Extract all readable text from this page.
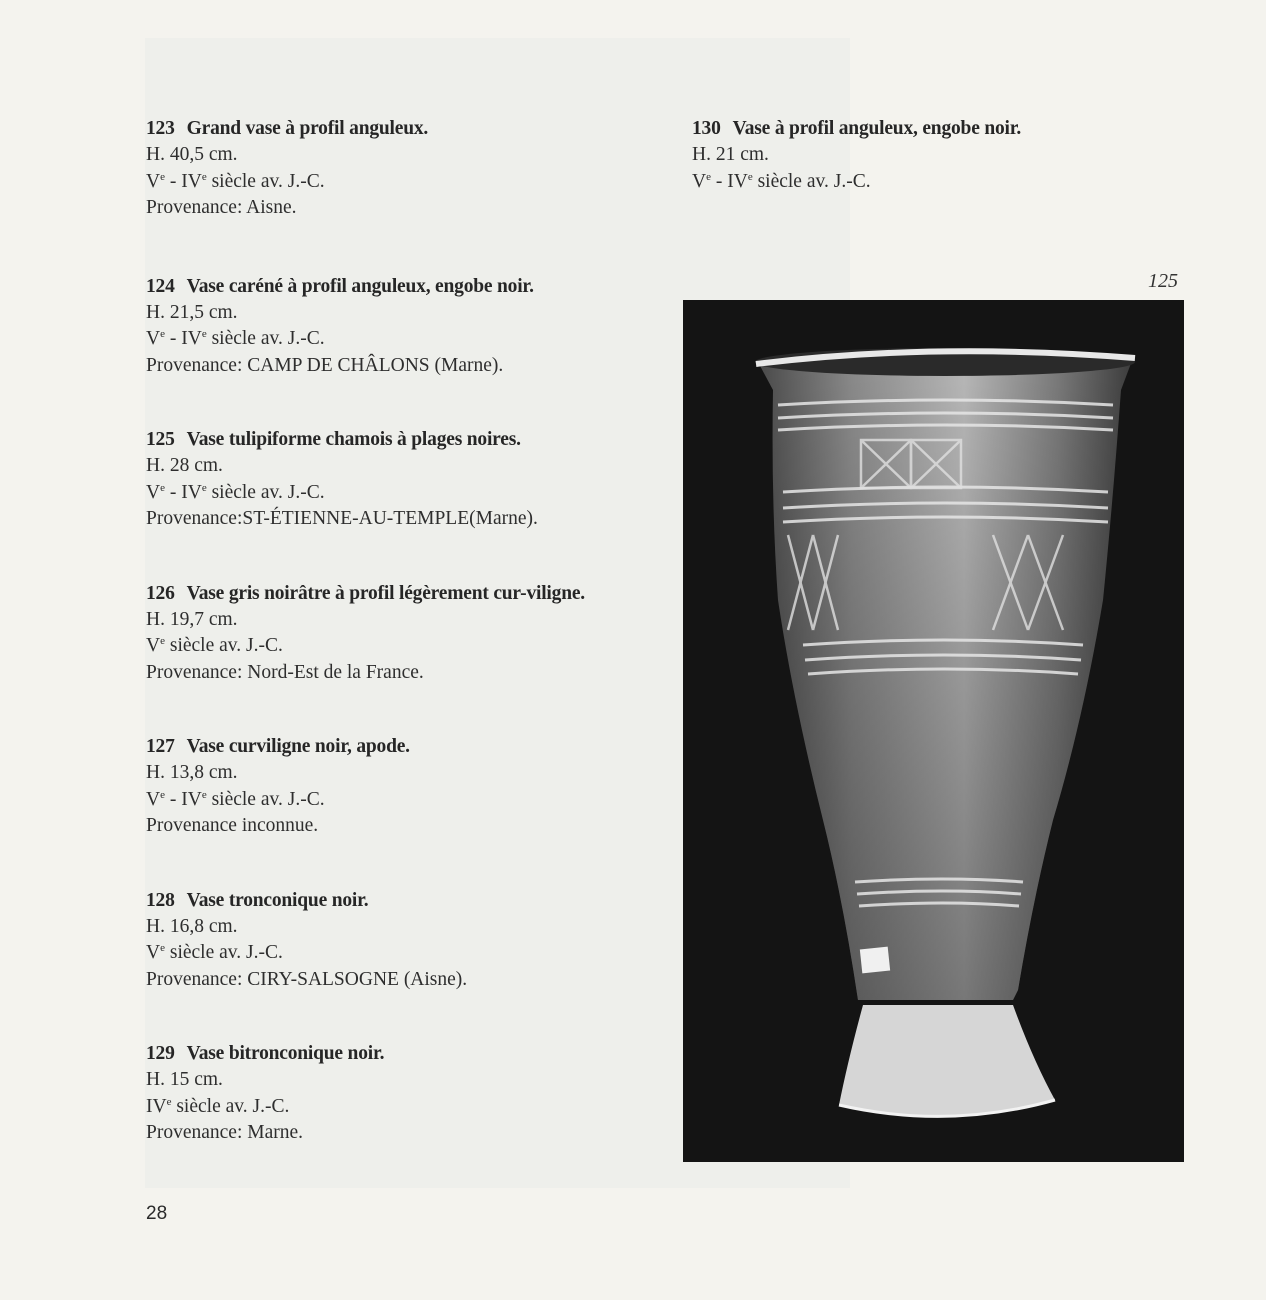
123 Grand vase à profil anguleux.
H. 40,5 cm.
Ve - IVe siècle av. J.-C.
Provenance: Aisne.
124 Vase caréné à profil anguleux, engobe noir.
H. 21,5 cm.
Ve - IVe siècle av. J.-C.
Provenance: CAMP DE CHÂLONS (Marne).
125 Vase tulipiforme chamois à plages noires.
H. 28 cm.
Ve - IVe siècle av. J.-C.
Provenance:ST-ÉTIENNE-AU-TEMPLE(Marne).
126 Vase gris noirâtre à profil légèrement cur-viligne.
H. 19,7 cm.
Ve siècle av. J.-C.
Provenance: Nord-Est de la France.
127 Vase curviligne noir, apode.
H. 13,8 cm.
Ve - IVe siècle av. J.-C.
Provenance inconnue.
128 Vase tronconique noir.
H. 16,8 cm.
Ve siècle av. J.-C.
Provenance: CIRY-SALSOGNE (Aisne).
129 Vase bitronconique noir.
H. 15 cm.
IVe siècle av. J.-C.
Provenance: Marne.
130 Vase à profil anguleux, engobe noir.
H. 21 cm.
Ve - IVe siècle av. J.-C.
125
28
